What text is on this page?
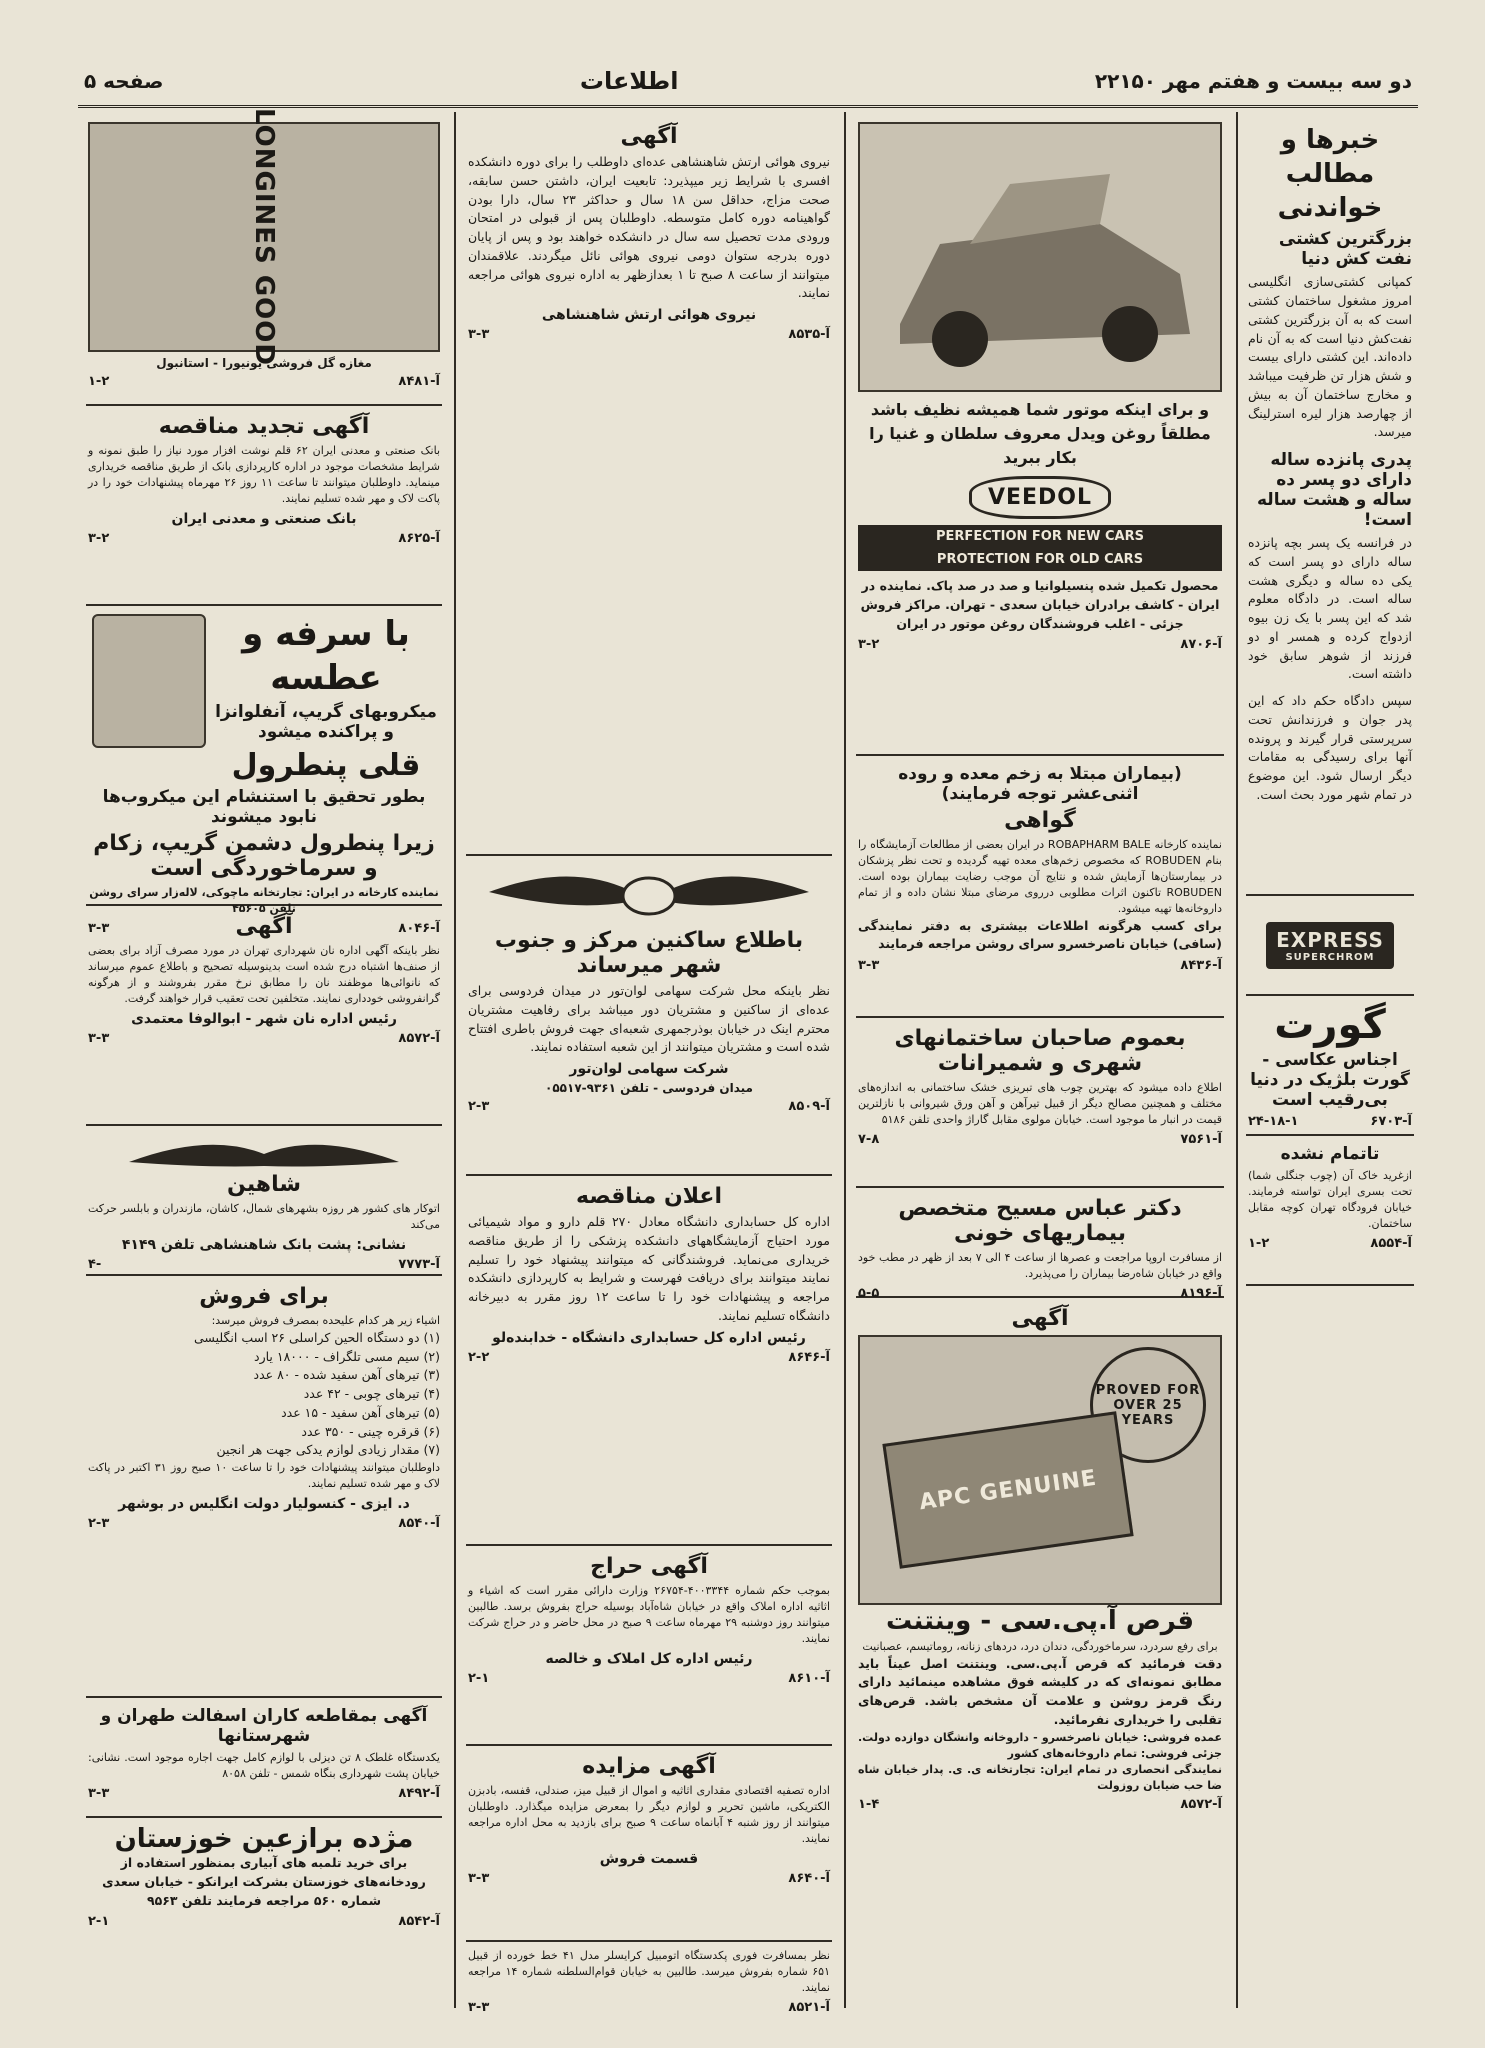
صفحه ۵	اطلاعات	دو سه بیست و هفتم مهر ۲۲۱۵۰
خبرها و مطالب خواندنی
بزرگترین کشتی نفت کش دنیا

کمپانی کشتی‌سازی انگلیسی امروز مشغول ساختمان کشتی است که به آن بزرگترین کشتی نفت‌کش دنیا است که به آن نام داده‌اند. این کشتی دارای بیست و شش هزار تن ظرفیت میباشد و مخارج ساختمان آن به بیش از چهارصد هزار لیره استرلینگ میرسد.

پدری پانزده ساله دارای دو پسر ده ساله و هشت ساله است!

در فرانسه یک پسر بچه پانزده ساله دارای دو پسر است که یکی ده ساله و دیگری هشت ساله است. در دادگاه معلوم شد که این پسر با یک زن بیوه ازدواج کرده و همسر او دو فرزند از شوهر سابق خود داشته است.

سپس دادگاه حکم داد که این پدر جوان و فرزندانش تحت سرپرستی قرار گیرند و پرونده آنها برای رسیدگی به مقامات دیگر ارسال شود. این موضوع در تمام شهر مورد بحث است.

EXPRESS
SUPERCHROM
گورت
اجناس عکاسی - گورت بلژیک در دنیا بی‌رقیب است
۲۴-۱۸-۱	آ-۶۷۰۳
تاتمام نشده

ازغرید خاک آن (چوب جنگلی شما) تحت بسری ایران تواسته فرمایند. خیابان فرودگاه تهران کوچه مقابل ساختمان.

۱-۲	آ-۸۵۵۴

و برای اینکه موتور شما همیشه نظیف باشد مطلقاً روغن ویدل معروف سلطان و غنیا را بکار ببرید

VEEDOL
PERFECTION FOR NEW CARS
PROTECTION FOR OLD CARS

محصول تکمیل شده پنسیلوانیا و صد در صد پاک. نماینده در ایران - کاشف برادران خیابان سعدی - تهران. مراکز فروش جزئی - اغلب فروشندگان روغن موتور در ایران

۳-۲	آ-۸۷۰۶
(بیماران مبتلا به زخم معده و روده اثنی‌عشر توجه فرمایند)
گواهی

نماینده کارخانه ROBAPHARM BALE در ایران بعضی از مطالعات آزمایشگاه را بنام ROBUDEN که مخصوص زخم‌های معده تهیه گردیده و تحت نظر پزشکان در بیمارستان‌ها آزمایش شده و نتایج آن موجب رضایت بیماران بوده است. ROBUDEN تاکنون اثرات مطلوبی درروی مرضای مبتلا نشان داده و از تمام داروخانه‌ها تهیه میشود.

برای کسب هرگونه اطلاعات بیشتری به دفتر نمایندگی (سافی) خیابان ناصرخسرو سرای روشن مراجعه فرمایند

۳-۳	آ-۸۴۳۶
بعموم صاحبان ساختمانهای شهری و شمیرانات

اطلاع داده میشود که بهترین چوب های تبریزی خشک ساختمانی به اندازه‌های مختلف و همچنین مصالح دیگر از قبیل تیرآهن و آهن ورق شیروانی با نازلترین قیمت در انبار ما موجود است. خیابان مولوی مقابل گاراژ واحدی تلفن ۵۱۸۶

۷-۸	آ-۷۵۶۱
دکتر عباس مسیح متخصص بیماریهای خونی

از مسافرت اروپا مراجعت و عصرها از ساعت ۴ الی ۷ بعد از ظهر در مطب خود واقع در خیابان شاه‌رضا بیماران را می‌پذیرد.

۵-۵	آ-۸۱۹۶
آگهی
PROVED FOR OVER 25 YEARS
APC GENUINE
قرص آ.پی.سی - وینتنت

برای رفع سردرد، سرماخوردگی، دندان درد، دردهای زنانه، روماتیسم، عصبانیت

دقت فرمائید که قرص آ.پی.سی. وینتنت اصل عیناً باید مطابق نمونه‌ای که در کلیشه فوق مشاهده مینمائید دارای رنگ قرمز روشن و علامت آن مشخص باشد. قرص‌های تقلبی را خریداری نفرمائید.

عمده فروشی: خیابان ناصرخسرو - داروخانه وانشگان دوازده دولت. جزئی فروشی: تمام داروخانه‌های کشور

نمایندگی انحصاری در تمام ایران: تجارتخانه ی. ی. پدار خیابان شاه ضا حب‌ ضیابان روزولت

۱-۴	آ-۸۵۷۲
آگهی

نیروی هوائی ارتش شاهنشاهی عده‌ای داوطلب را برای دوره دانشکده افسری با شرایط زیر میپذیرد: تابعیت ایران، داشتن حسن سابقه، صحت مزاج، حداقل سن ۱۸ سال و حداکثر ۲۳ سال، دارا بودن گواهینامه دوره کامل متوسطه. داوطلبان پس از قبولی در امتحان ورودی مدت تحصیل سه سال در دانشکده خواهند بود و پس از پایان دوره بدرجه ستوان دومی نیروی هوائی نائل میگردند. علاقمندان میتوانند از ساعت ۸ صبح تا ۱ بعدازظهر به اداره نیروی هوائی مراجعه نمایند.

نیروی هوائی ارتش شاهنشاهی
۳-۳	آ-۸۵۳۵
باطلاع ساکنین مرکز و جنوب شهر میرساند

نظر باینکه محل شرکت سهامی لوان‌تور در میدان فردوسی برای عده‌ای از ساکنین و مشتریان دور میباشد برای رفاهیت مشتریان محترم اینک در خیابان بوذرجمهری شعبه‌ای جهت فروش باطری افتتاح شده است و مشتریان میتوانند از این شعبه استفاده نمایند.

شرکت سهامی لوان‌تور
میدان فردوسی - تلفن ۹۳۶۱-۰۵۵۱۷
۲-۳	آ-۸۵۰۹
اعلان مناقصه

اداره کل حسابداری دانشگاه معادل ۲۷۰ قلم دارو و مواد شیمیائی مورد احتیاج آزمایشگاههای دانشکده پزشکی را از طریق مناقصه خریداری می‌نماید. فروشندگانی که میتوانند پیشنهاد خود را تسلیم نمایند میتوانند برای دریافت فهرست و شرایط به کارپردازی دانشکده مراجعه و پیشنهادات خود را تا ساعت ۱۲ روز مقرر به دبیرخانه دانشگاه تسلیم نمایند.

رئیس اداره کل حسابداری دانشگاه - خدابنده‌لو
۲-۲	آ-۸۶۴۶
آگهی حراج

بموجب حکم شماره ۴۰۰۳۳۴۴-۲۶۷۵۴ وزارت دارائی مقرر است که اشیاء و اثاثیه اداره املاک واقع در خیابان شاه‌آباد بوسیله حراج بفروش برسد. طالبین میتوانند روز دوشنبه ۲۹ مهرماه ساعت ۹ صبح در محل حاضر و در حراج شرکت نمایند.

رئیس اداره کل املاک و خالصه
۲-۱	آ-۸۶۱۰
آگهی مزایده

اداره تصفیه اقتصادی مقداری اثاثیه و اموال از قبیل میز، صندلی، قفسه، بادبزن الکتریکی، ماشین تحریر و لوازم دیگر را بمعرض مزایده میگذارد. داوطلبان میتوانند از روز شنبه ۴ آبانماه ساعت ۹ صبح برای بازدید به محل اداره مراجعه نمایند.

قسمت فروش
۳-۳	آ-۸۶۴۰

نظر بمسافرت فوری پکدستگاه اتومبیل کرایسلر مدل ۴۱ خط خورده از قبیل ۶۵۱ شماره بفروش میرسد. طالبین به خیابان قوام‌السلطنه شماره ۱۴ مراجعه نمایند.

۳-۳	آ-۸۵۲۱
LONGINES GOOD
مغازه گل فروشی یونیورا - استانبول
۱-۲	آ-۸۴۸۱
آگهی تجدید مناقصه

بانک صنعتی و معدنی ایران ۶۲ قلم نوشت افزار مورد نیاز را طبق نمونه و شرایط مشخصات موجود در اداره کارپردازی بانک از طریق مناقصه خریداری مینماید. داوطلبان میتوانند تا ساعت ۱۱ روز ۲۶ مهرماه پیشنهادات خود را در پاکت لاک و مهر شده تسلیم نمایند.

بانک صنعتی و معدنی ایران
۳-۲	آ-۸۶۲۵
با سرفه و عطسه
میکروبهای گریپ، آنفلوانزا و پراکنده میشود
قلی پنطرول
بطور تحقیق با استنشام این میکروب‌ها نابود میشوند
زیرا پنطرول دشمن گریپ، زکام و سرماخوردگی است

نماینده کارخانه در ایران: تجارتخانه ماچوکی، لاله‌زار سرای روشن تلفن ۴۵۶۰۵

۳-۳	آ-۸۰۴۶
آگهی

نظر باینکه آگهی اداره نان شهرداری تهران در مورد مصرف آزاد برای بعضی از صنف‌ها اشتباه درج شده است بدینوسیله تصحیح و باطلاع عموم میرساند که نانوائی‌ها موظفند نان را مطابق نرخ مقرر بفروشند و از هرگونه گرانفروشی خودداری نمایند. متخلفین تحت تعقیب قرار خواهند گرفت.

رئیس اداره نان شهر - ابوالوفا معتمدی
۳-۳	آ-۸۵۷۲
شاهین

اتوکار های کشور هر روزه بشهرهای شمال، کاشان، مازندران و بابلسر حرکت می‌کند

نشانی: پشت بانک شاهنشاهی تلفن ۴۱۴۹
۴-	آ-۷۷۷۳
برای فروش

اشیاء زیر هر کدام علیحده بمصرف فروش میرسد:

(۱) دو دستگاه الحین کراسلی ۲۶ اسب انگلیسی
(۲) سیم مسی تلگراف - ۱۸۰۰۰ یارد
(۳) تیرهای آهن سفید شده - ۸۰ عدد
(۴) تیرهای چوبی - ۴۲ عدد
(۵) تیرهای آهن سفید - ۱۵ عدد
(۶) قرقره چینی - ۳۵۰ عدد
(۷) مقدار زیادی لوازم یدکی جهت هر انجین

داوطلبان میتوانند پیشنهادات خود را تا ساعت ۱۰ صبح روز ۳۱ اکتبر در پاکت لاک و مهر شده تسلیم نمایند.

د. ایزی - کنسولیار دولت انگلیس در بوشهر
۲-۳	آ-۸۵۴۰
آگهی بمقاطعه کاران اسفالت طهران و شهرستانها

یکدستگاه غلطک ۸ تن دیزلی با لوازم کامل جهت اجاره موجود است. نشانی: خیابان پشت شهرداری بنگاه شمس - تلفن ۸۰۵۸

۳-۳	آ-۸۴۹۲
مژده برازعین خوزستان

برای خرید تلمبه های آبیاری بمنظور استفاده از رودخانه‌های خوزستان بشرکت ایرانکو - خیابان سعدی شماره ۵۶۰ مراجعه فرمایند تلفن ۹۵۶۳

۲-۱	آ-۸۵۴۲
